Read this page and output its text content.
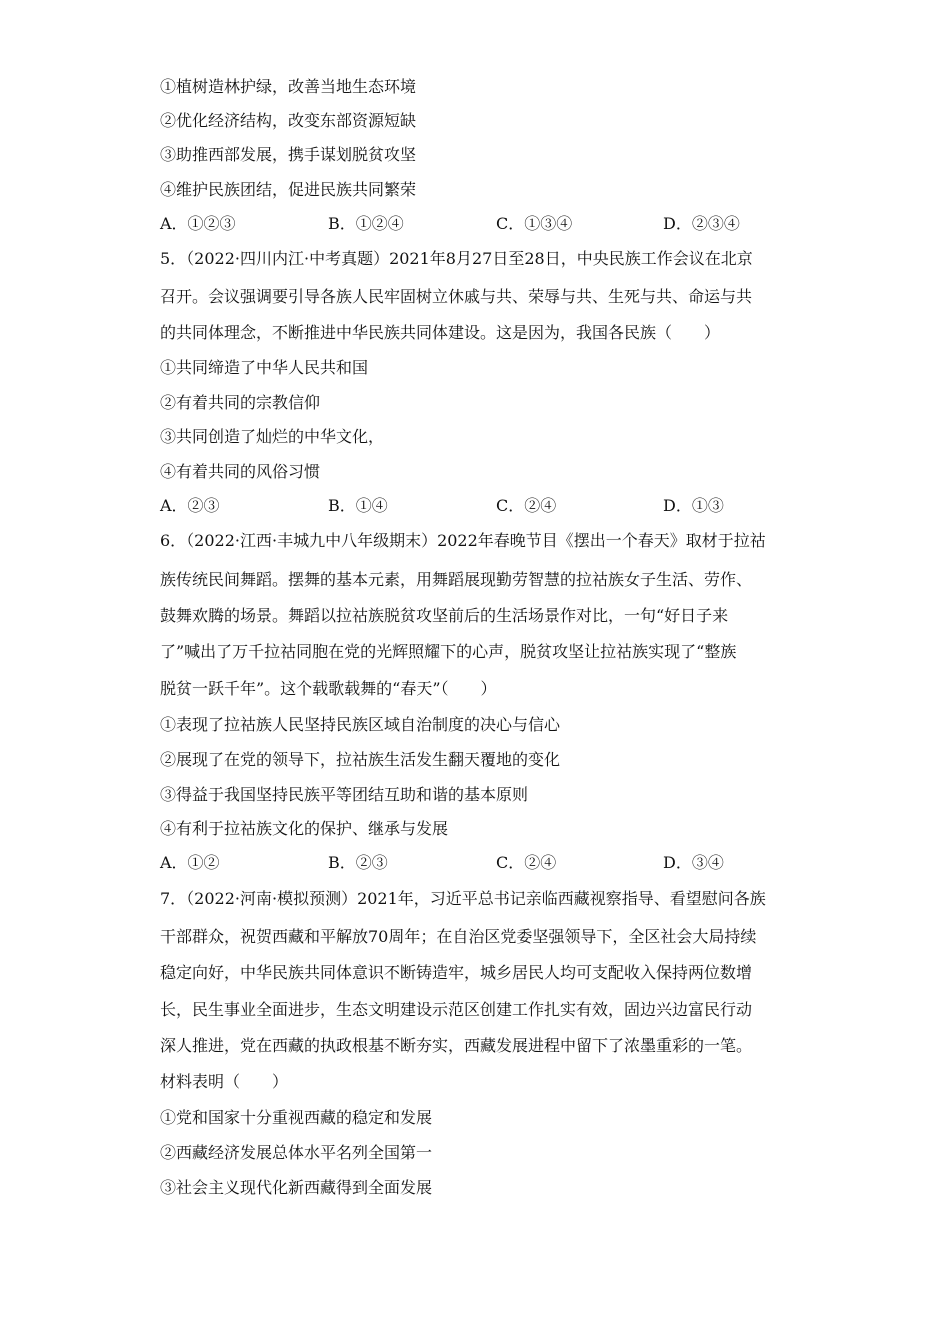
①植树造林护绿，改善当地生态环境
②优化经济结构，改变东部资源短缺
③助推西部发展，携手谋划脱贫攻坚
④维护民族团结，促进民族共同繁荣
A．①②③	B．①②④	C．①③④	D．②③④
5．（2022·四川内江·中考真题）2021年8月27日至28日，中央民族工作会议在北京
召开。会议强调要引导各族人民牢固树立休戚与共、荣辱与共、生死与共、命运与共
的共同体理念，不断推进中华民族共同体建设。这是因为，我国各民族（　　）
①共同缔造了中华人民共和国
②有着共同的宗教信仰
③共同创造了灿烂的中华文化，
④有着共同的风俗习惯
A．②③	B．①④	C．②④	D．①③
6．（2022·江西·丰城九中八年级期末）2022年春晚节目《摆出一个春天》取材于拉祜
族传统民间舞蹈。摆舞的基本元素，用舞蹈展现勤劳智慧的拉祜族女子生活、劳作、
鼓舞欢腾的场景。舞蹈以拉祜族脱贫攻坚前后的生活场景作对比，一句“好日子来
了”喊出了万千拉祜同胞在党的光辉照耀下的心声，脱贫攻坚让拉祜族实现了“整族
脱贫一跃千年”。这个载歌载舞的“春天”（　　）
①表现了拉祜族人民坚持民族区域自治制度的决心与信心
②展现了在党的领导下，拉祜族生活发生翻天覆地的变化
③得益于我国坚持民族平等团结互助和谐的基本原则
④有利于拉祜族文化的保护、继承与发展
A．①②	B．②③	C．②④	D．③④
7．（2022·河南·模拟预测）2021年，习近平总书记亲临西藏视察指导、看望慰问各族
干部群众，祝贺西藏和平解放70周年；在自治区党委坚强领导下，全区社会大局持续
稳定向好，中华民族共同体意识不断铸造牢，城乡居民人均可支配收入保持两位数增
长，民生事业全面进步，生态文明建设示范区创建工作扎实有效，固边兴边富民行动
深人推进，党在西藏的执政根基不断夯实，西藏发展进程中留下了浓墨重彩的一笔。
材料表明（　　）
①党和国家十分重视西藏的稳定和发展
②西藏经济发展总体水平名列全国第一
③社会主义现代化新西藏得到全面发展
